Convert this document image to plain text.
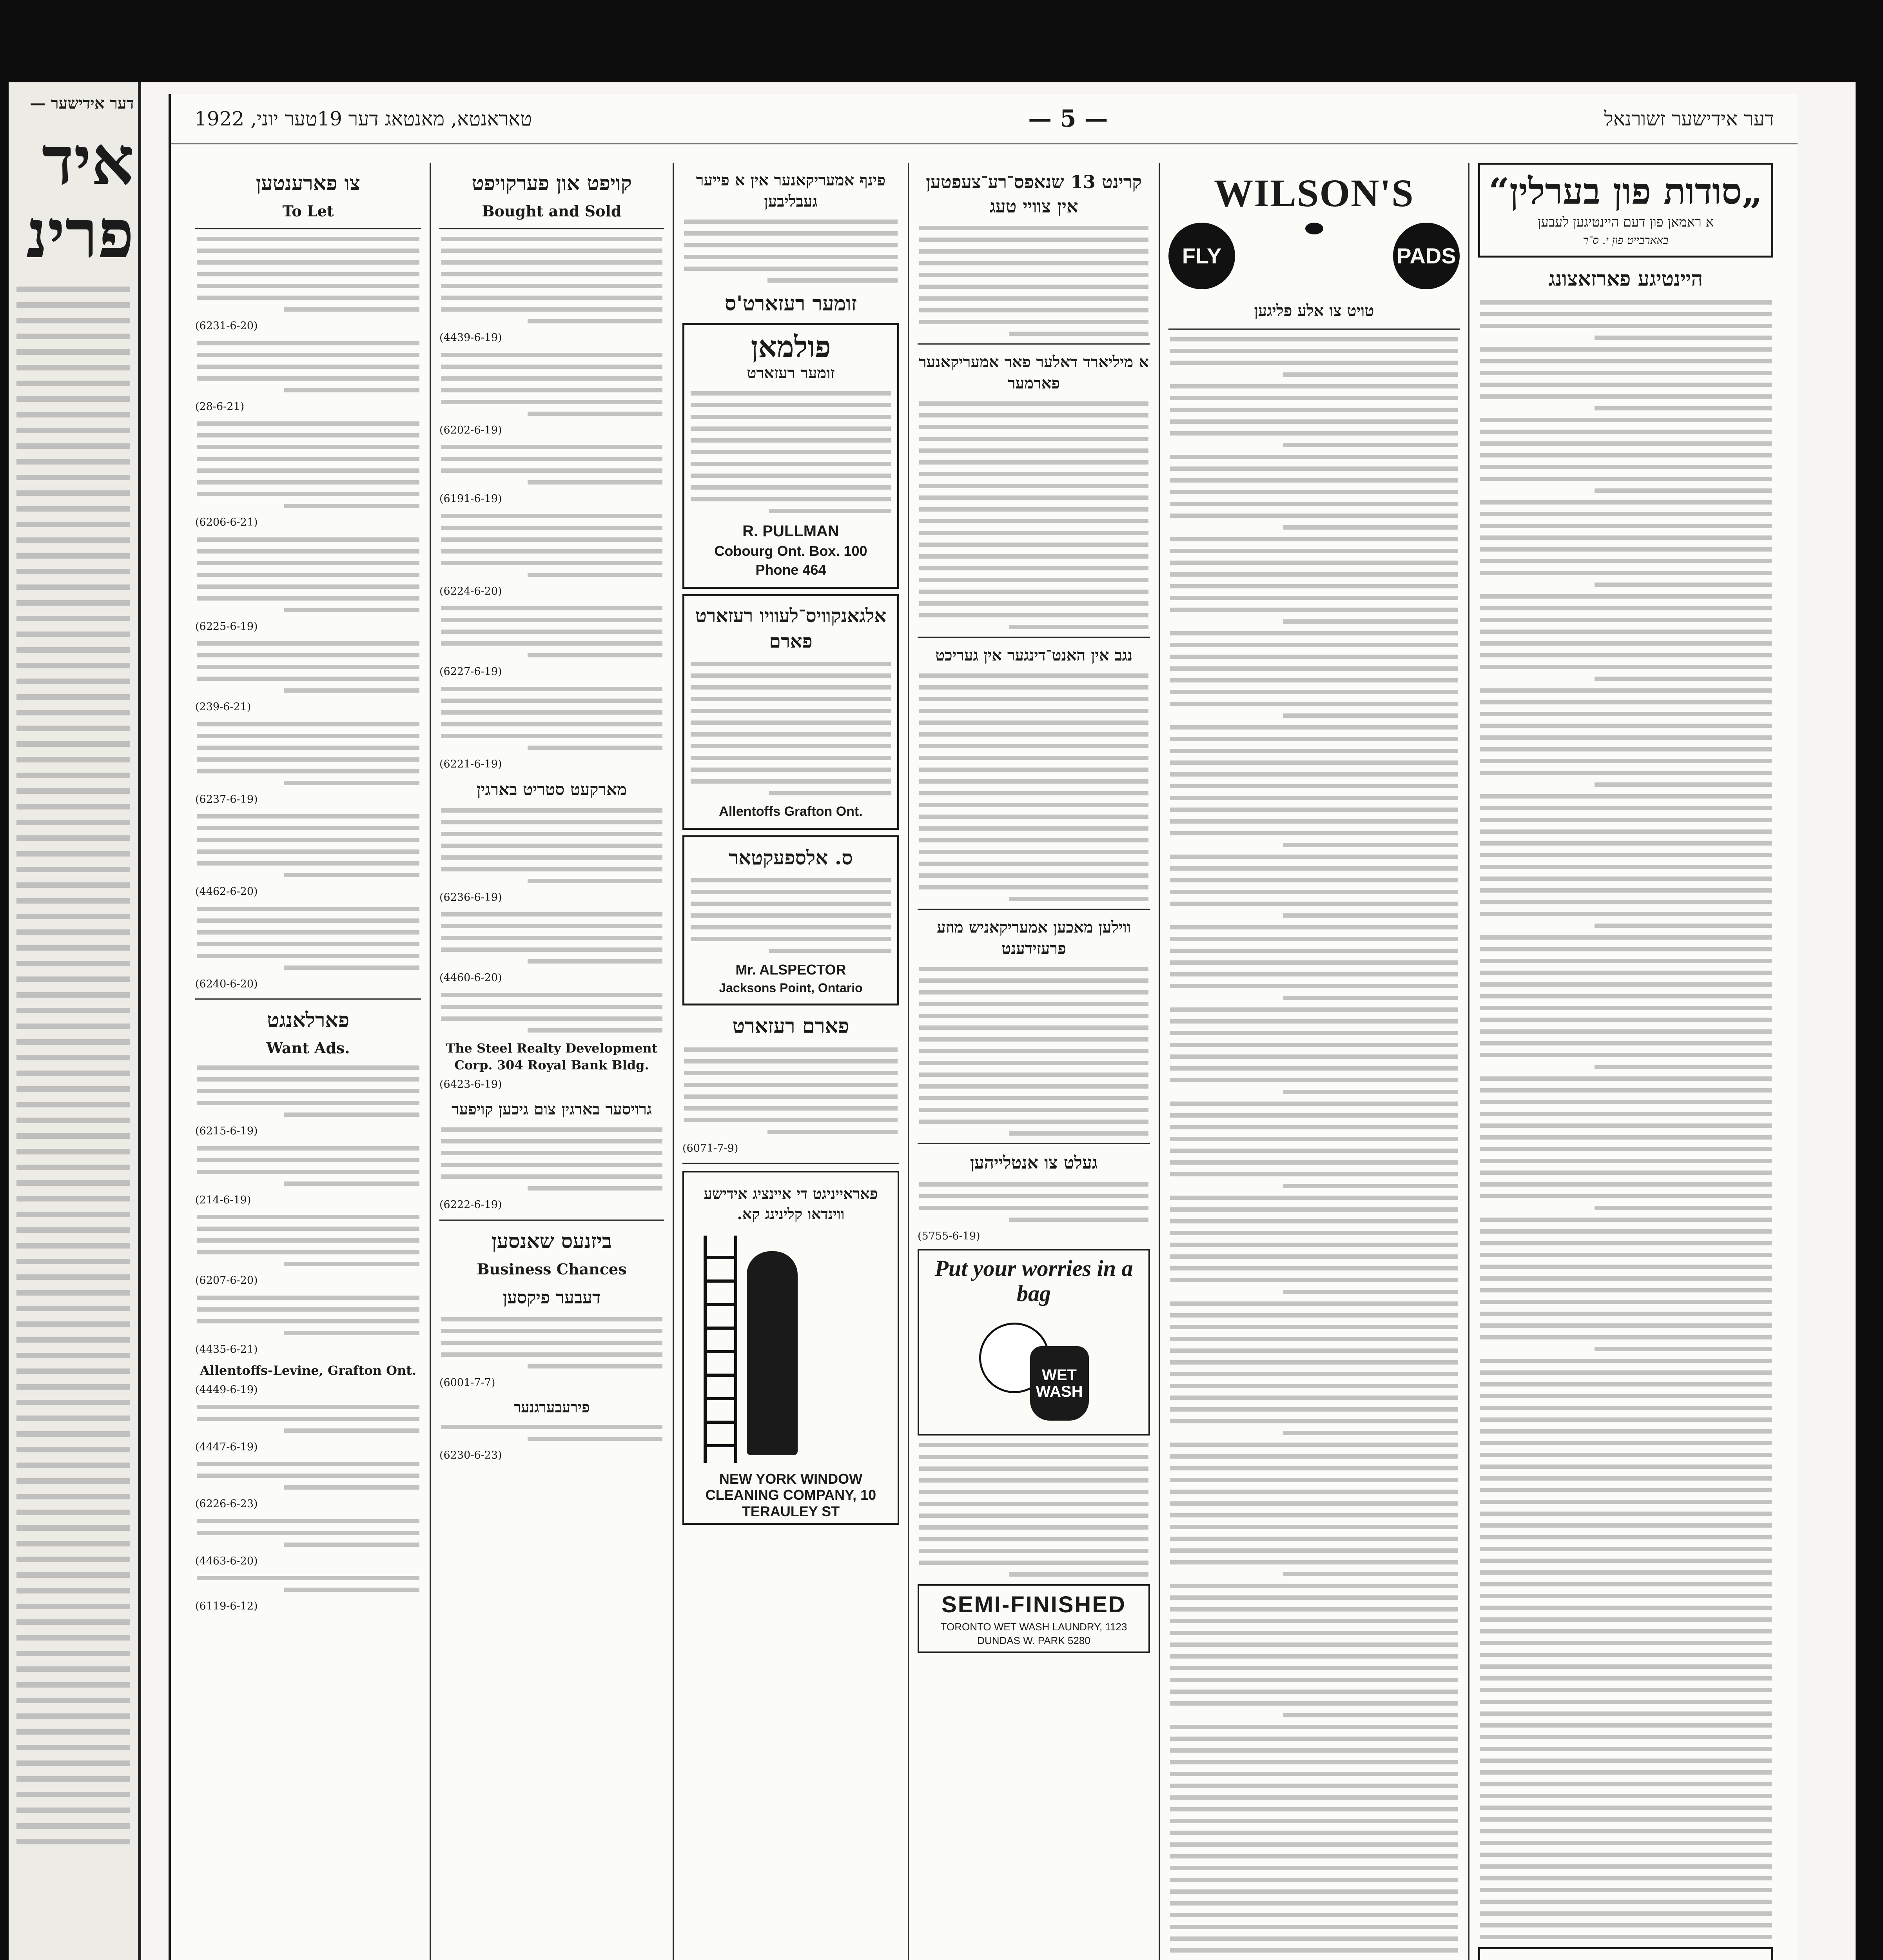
דער אידישער —
איד
פרינ
דער אידישער זשורנאל
— 5 —
טאראנטא, מאנטאג דער 19טער יוני, 1922
„סודות פון בערלין“
א ראמאן פון דעם היינטיגען לעבען
באארבייט פון י. ס־ר
היינטיגע פארזאצונג
WILSON'S
FLY	PADS
טויט צו אלע פליגען
קרינט 13 שנאפס־רע־צעפטען אין צוויי טעג
א מיליארד דאלער פאר אמעריקאנער פארמער
נגב אין האנט־דינגער אין געריכט
ווילען מאכען אמעריקאניש מוזע פרעזידענט
געלט צו אנטלייהען
(5755-6-19)
Put your worries in a bag
WET WASH
SEMI-FINISHED
TORONTO WET WASH LAUNDRY, 1123 DUNDAS W. PARK 5280
פינף אמעריקאנער אין א פייער געבליבען
זומער רעזארט'ס
פולמאן
זומער רעזארט
R. PULLMAN
Cobourg Ont. Box. 100
Phone 464
אלגאנקוויס־לעוויו רעזארט פארם
Allentoffs Grafton Ont.
ס. אלספעקטאר
Mr. ALSPECTOR
Jacksons Point, Ontario
פארם רעזארט
(6071-7-9)
פאראייניגט די איינציג אידישע ווינדאו קלינינג קא.
NEW YORK WINDOW CLEANING COMPANY, 10 TERAULEY ST
קויפט און פערקויפט
Bought and Sold
(4439-6-19)
(6202-6-19)
(6191-6-19)
(6224-6-20)
(6227-6-19)
(6221-6-19)
מארקעט סטריט בארגין
(6236-6-19)
(4460-6-20)
The Steel Realty Development Corp. 304 Royal Bank Bldg.
(6423-6-19)
גרויסער בארגין צום גיכען קויפער
(6222-6-19)
ביזנעס שאנסען
Business Chances
דעבער פיקסען
(6001-7-7)
פירעבערגנער
(6230-6-23)
צו פארענטען
To Let
(6231-6-20)
(28-6-21)
(6206-6-21)
(6225-6-19)
(239-6-21)
(6237-6-19)
(4462-6-20)
(6240-6-20)
פארלאנגט
Want Ads.
(6215-6-19)
(214-6-19)
(6207-6-20)
(4435-6-21)
Allentoffs-Levine, Grafton Ont.
(4449-6-19)
(4447-6-19)
(6226-6-23)
(4463-6-20)
(6119-6-12)
